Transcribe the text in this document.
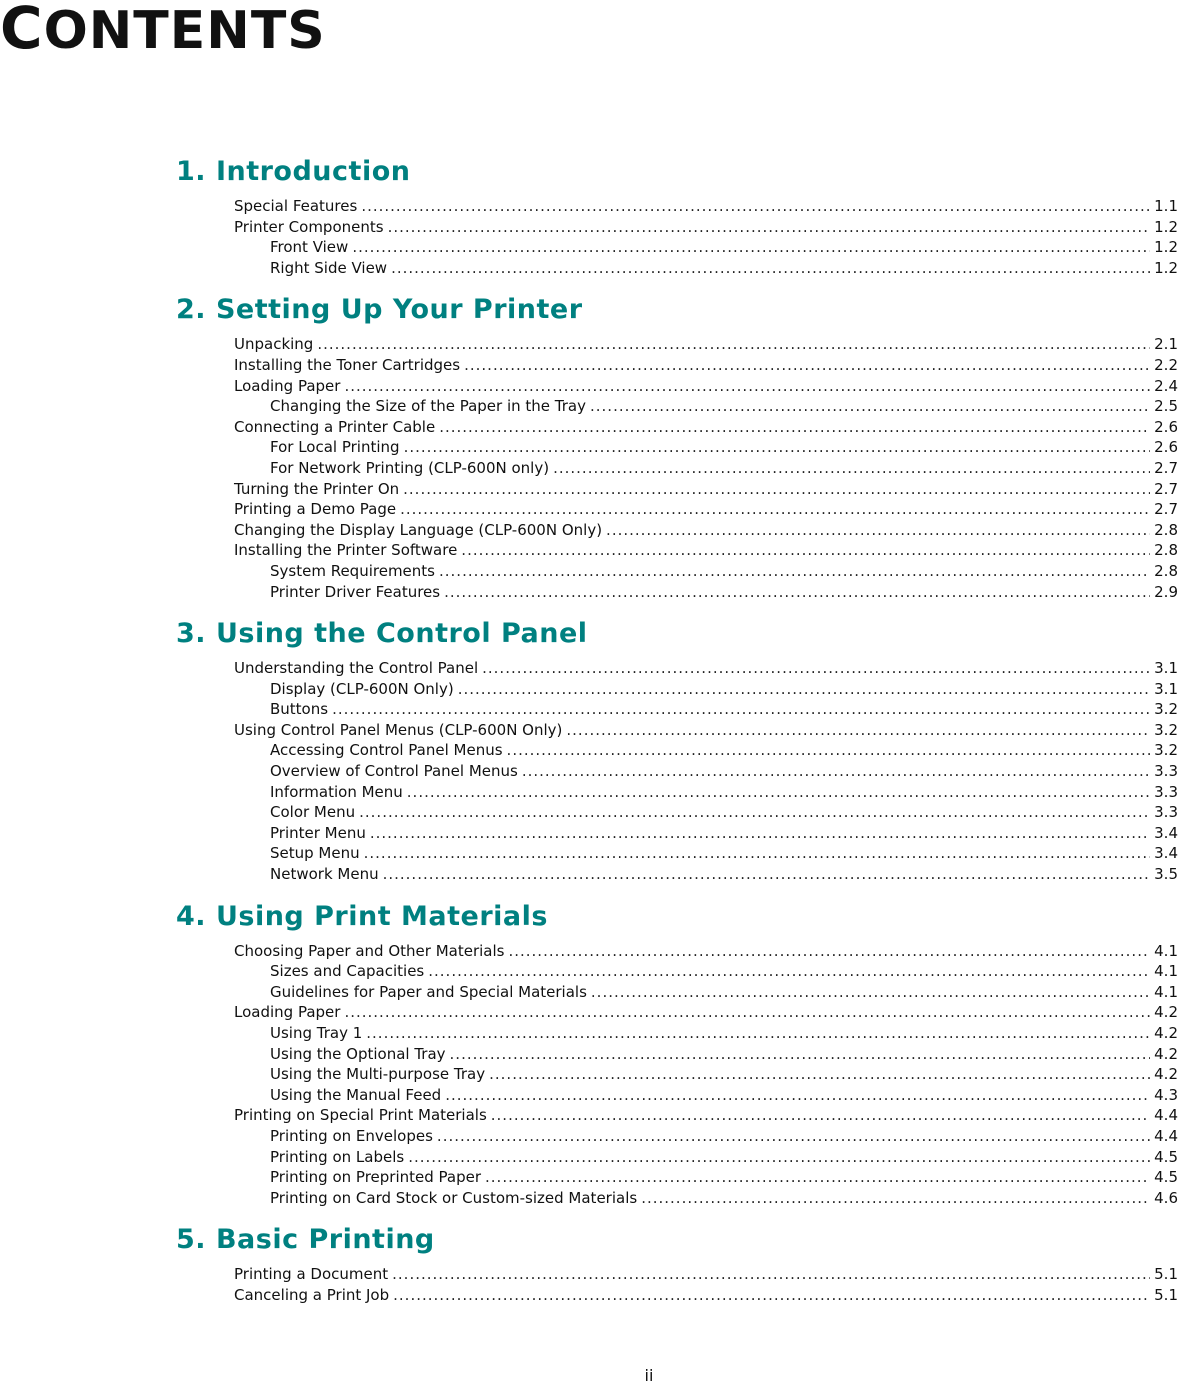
CONTENTS
1. Introduction
Special Features .....	1.1
Printer Components .....	1.2
Front View .....	1.2
Right Side View .....	1.2
2. Setting Up Your Printer
Unpacking .....	2.1
Installing the Toner Cartridges .....	2.2
Loading Paper .....	2.4
Changing the Size of the Paper in the Tray .....	2.5
Connecting a Printer Cable .....	2.6
For Local Printing .....	2.6
For Network Printing (CLP-600N only) .....	2.7
Turning the Printer On .....	2.7
Printing a Demo Page .....	2.7
Changing the Display Language (CLP-600N Only) .....	2.8
Installing the Printer Software .....	2.8
System Requirements .....	2.8
Printer Driver Features .....	2.9
3. Using the Control Panel
Understanding the Control Panel .....	3.1
Display (CLP-600N Only) .....	3.1
Buttons .....	3.2
Using Control Panel Menus (CLP-600N Only) .....	3.2
Accessing Control Panel Menus .....	3.2
Overview of Control Panel Menus .....	3.3
Information Menu .....	3.3
Color Menu .....	3.3
Printer Menu .....	3.4
Setup Menu .....	3.4
Network Menu .....	3.5
4. Using Print Materials
Choosing Paper and Other Materials .....	4.1
Sizes and Capacities .....	4.1
Guidelines for Paper and Special Materials .....	4.1
Loading Paper .....	4.2
Using Tray 1 .....	4.2
Using the Optional Tray .....	4.2
Using the Multi-purpose Tray .....	4.2
Using the Manual Feed .....	4.3
Printing on Special Print Materials .....	4.4
Printing on Envelopes .....	4.4
Printing on Labels .....	4.5
Printing on Preprinted Paper .....	4.5
Printing on Card Stock or Custom-sized Materials .....	4.6
5. Basic Printing
Printing a Document .....	5.1
Canceling a Print Job .....	5.1
ii
